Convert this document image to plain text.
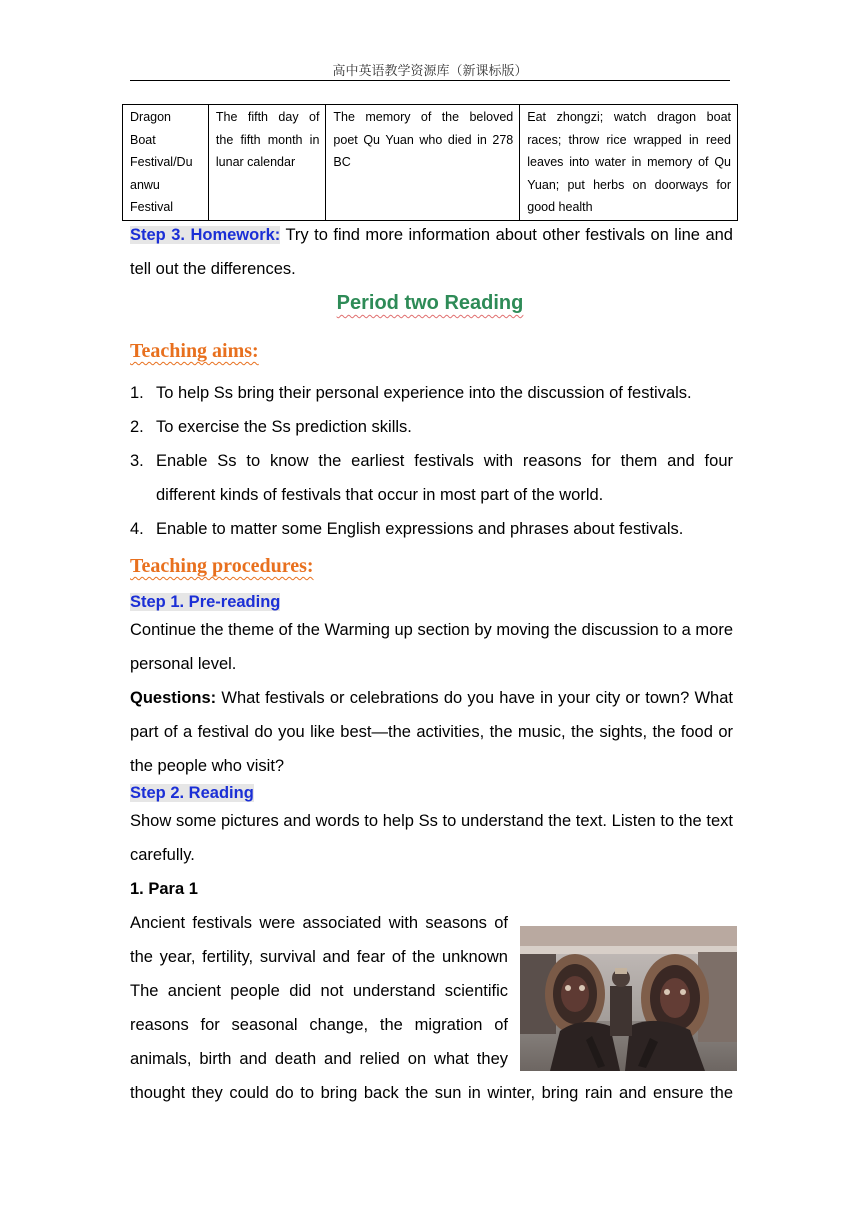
高中英语教学资源库（新课标版）
Dragon
Boat
Festival/Du
anwu
Festival
	The fifth day of the fifth month in lunar calendar	The memory of the beloved poet Qu Yuan who died in 278 BC	Eat zhongzi; watch dragon boat races; throw rice wrapped in reed leaves into water in memory of Qu Yuan; put herbs on doorways for good health
Step 3. Homework: Try to find more information about other festivals on line and tell out the differences.
Period two Reading
Teaching aims:
1. To help Ss bring their personal experience into the discussion of festivals.
2. To exercise the Ss prediction skills.
3. Enable Ss to know the earliest festivals with reasons for them and four different kinds of festivals that occur in most part of the world.
4. Enable to matter some English expressions and phrases about festivals.
Teaching procedures:
Step 1. Pre-reading
Continue the theme of the Warming up section by moving the discussion to a more personal level.
Questions: What festivals or celebrations do you have in your city or town? What part of a festival do you like best—the activities, the music, the sights, the food or the people who visit?
Step 2. Reading
Show some pictures and words to help Ss to understand the text. Listen to the text carefully.
1. Para 1
Ancient festivals were associated with seasons of
the year, fertility, survival and fear of the unknown
The ancient people did not understand scientific
reasons for seasonal change, the migration of
animals, birth and death and relied on what they
thought they could do to bring back the sun in winter, bring rain and ensure the
